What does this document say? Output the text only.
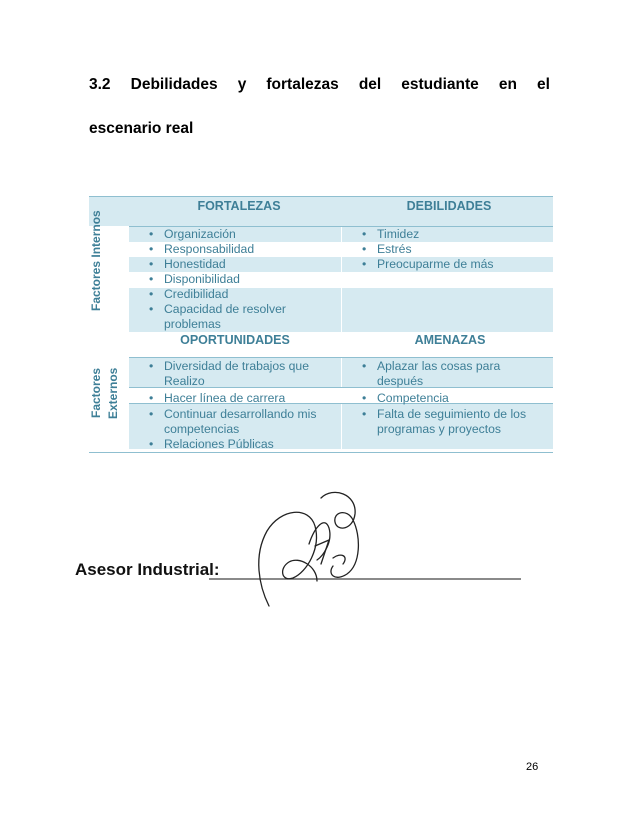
3.2 Debilidades y fortalezas del estudiante en el
escenario real
Factores Internos
Factores Externos
FORTALEZAS	DEBILIDADES
OPORTUNIDADES	AMENAZAS
• Organización
• Responsabilidad
• Honestidad
• Disponibilidad
• Credibilidad
• Capacidad de resolver problemas
• Timidez
• Estrés
• Preocuparme de más
• Diversidad de trabajos que Realizo
• Hacer línea de carrera
• Continuar desarrollando mis competencias
• Relaciones Públicas
• Aplazar las cosas para después
• Competencia
• Falta de seguimiento de los programas y proyectos
Asesor Industrial:
26
